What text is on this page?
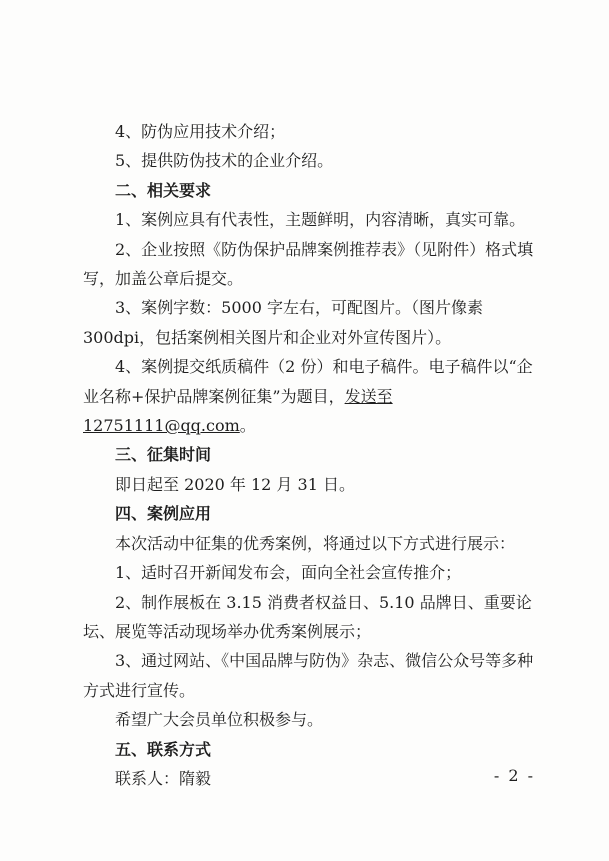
4、防伪应用技术介绍；

5、提供防伪技术的企业介绍。

二、相关要求

1、案例应具有代表性，主题鲜明，内容清晰，真实可靠。

2、企业按照《防伪保护品牌案例推荐表》（见附件）格式填写，加盖公章后提交。

3、案例字数：5000 字左右，可配图片。（图片像素 300dpi，包括案例相关图片和企业对外宣传图片）。

4、案例提交纸质稿件（2 份）和电子稿件。电子稿件以“企业名称+保护品牌案例征集”为题目，发送至 12751111@qq.com。

三、征集时间

即日起至 2020 年 12 月 31 日。

四、案例应用

本次活动中征集的优秀案例，将通过以下方式进行展示：

1、适时召开新闻发布会，面向全社会宣传推介；

2、制作展板在 3.15 消费者权益日、5.10 品牌日、重要论坛、展览等活动现场举办优秀案例展示；

3、通过网站、《中国品牌与防伪》杂志、微信公众号等多种方式进行宣传。

希望广大会员单位积极参与。

五、联系方式

联系人：隋毅	- 2 -
